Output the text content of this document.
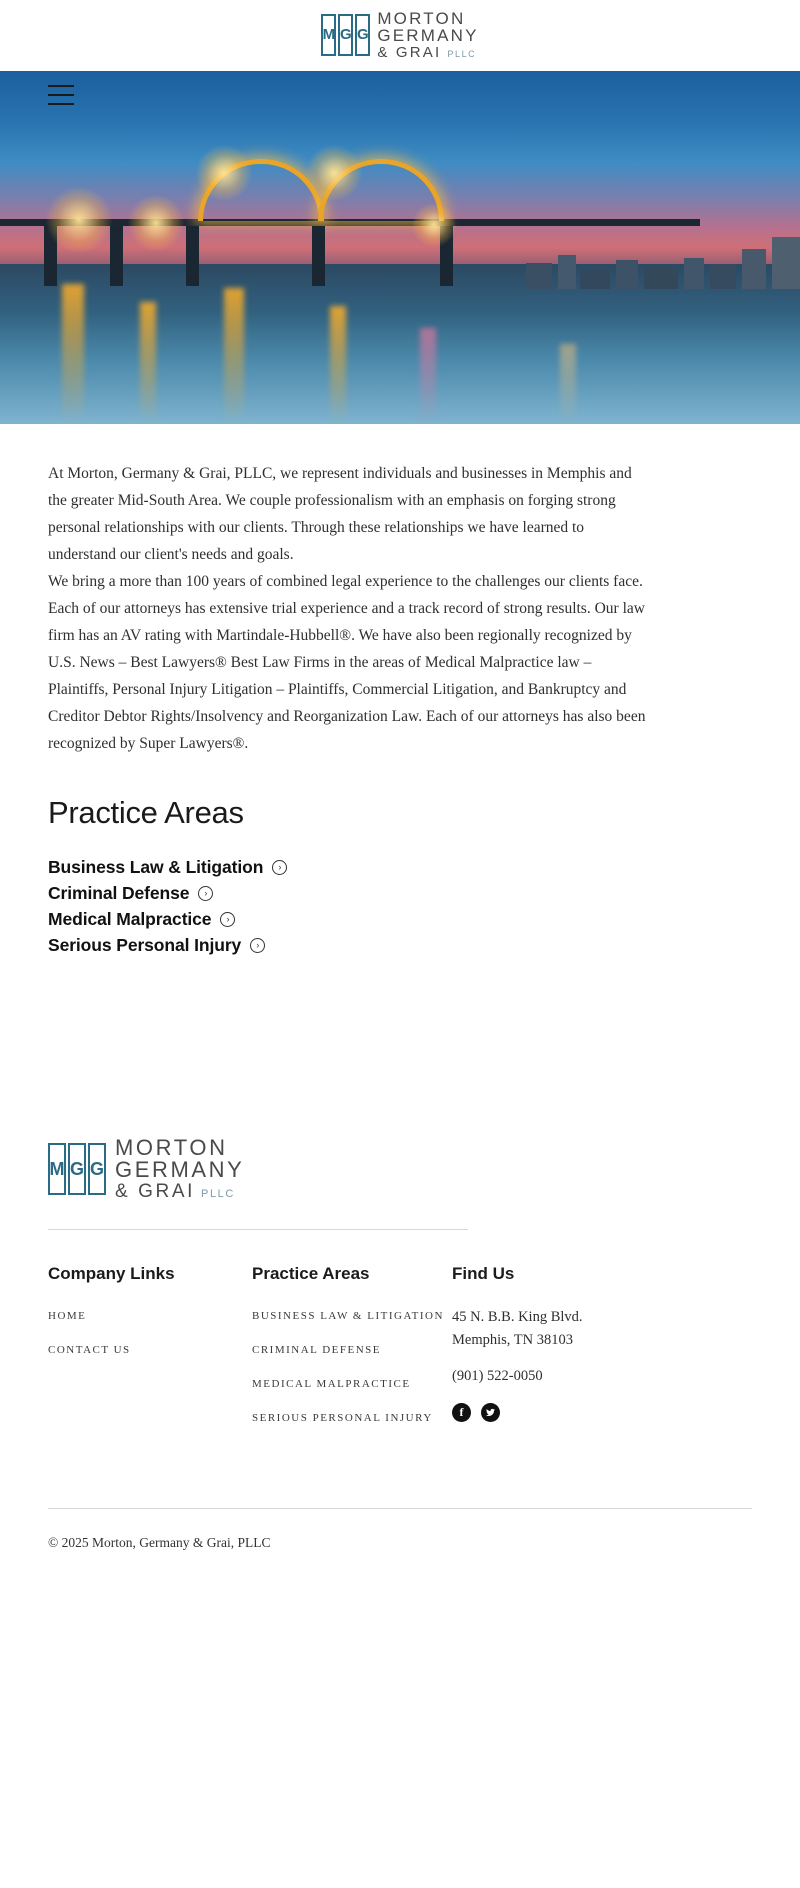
M G G
MORTON
GERMANY
& GRAI PLLC

At Morton, Germany & Grai, PLLC, we represent individuals and businesses in Memphis and the greater Mid-South Area. We couple professionalism with an emphasis on forging strong personal relationships with our clients. Through these relationships we have learned to understand our client's needs and goals.

We bring a more than 100 years of combined legal experience to the challenges our clients face. Each of our attorneys has extensive trial experience and a track record of strong results. Our law firm has an AV rating with Martindale-Hubbell®. We have also been regionally recognized by U.S. News – Best Lawyers® Best Law Firms in the areas of Medical Malpractice law – Plaintiffs, Personal Injury Litigation – Plaintiffs, Commercial Litigation, and Bankruptcy and Creditor Debtor Rights/Insolvency and Reorganization Law. Each of our attorneys has also been recognized by Super Lawyers®.

Practice Areas
Business Law & Litigation	›
Criminal Defense	›
Medical Malpractice	›
Serious Personal Injury	›
M G G
MORTON
GERMANY
& GRAI PLLC
Company Links
HOME
CONTACT US
Practice Areas
BUSINESS LAW & LITIGATION
CRIMINAL DEFENSE
MEDICAL MALPRACTICE
SERIOUS PERSONAL INJURY
Find Us
45 N. B.B. King Blvd.
Memphis, TN 38103
(901) 522-0050
f
© 2025 Morton, Germany & Grai, PLLC
